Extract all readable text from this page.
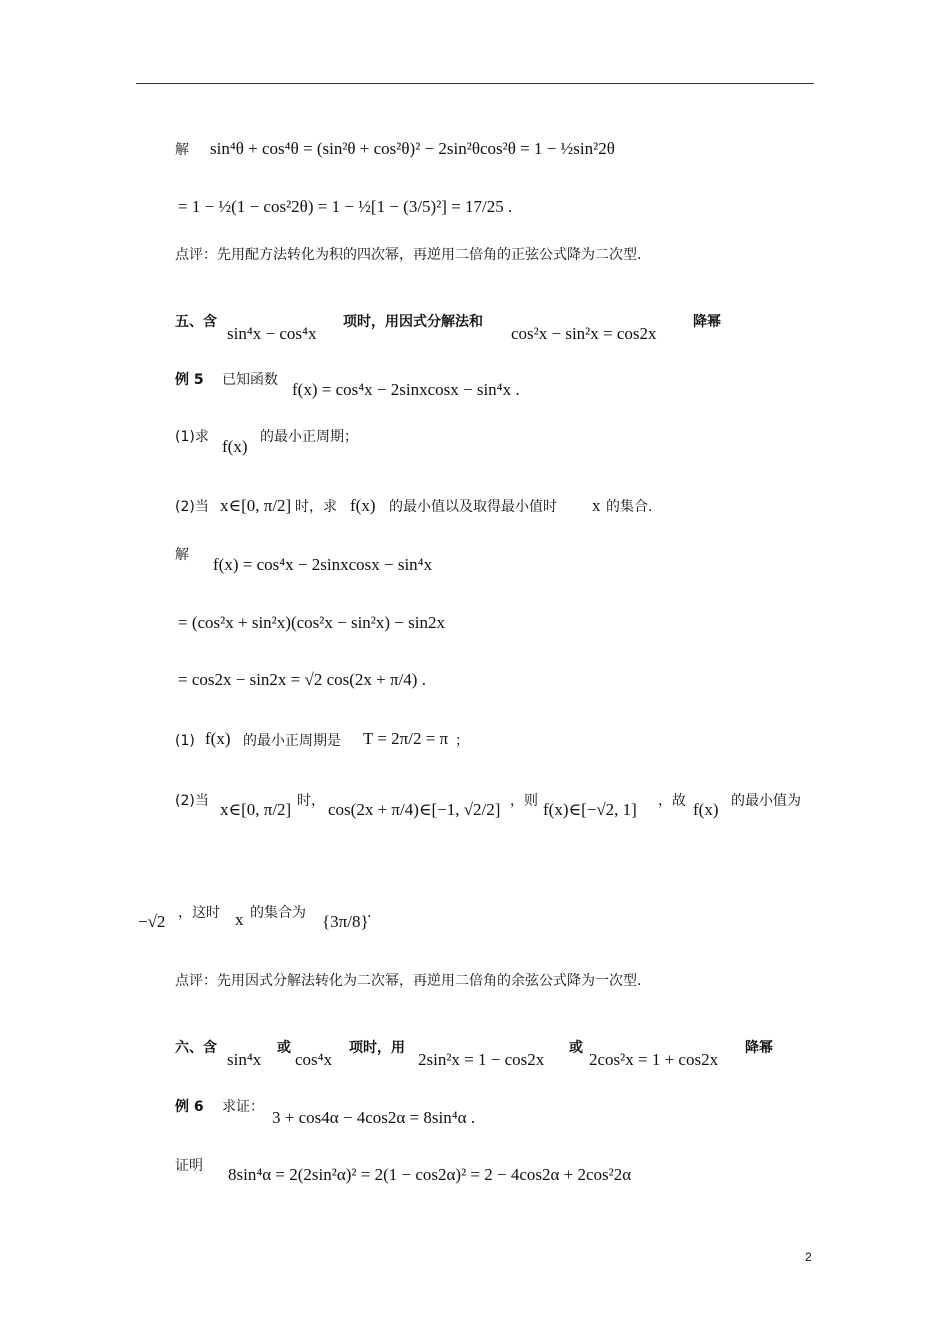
解 sin⁴θ + cos⁴θ = (sin²θ + cos²θ)² − 2sin²θcos²θ = 1 − ½sin²2θ
= 1 − ½(1 − cos²2θ) = 1 − ½[1 − (3/5)²] = 17/25 .
点评：先用配方法转化为积的四次幂，再逆用二倍角的正弦公式降为二次型.
五、含
sin⁴x − cos⁴x
项时，用因式分解法和
cos²x − sin²x = cos2x
降幂
例 5 已知函数 f(x) = cos⁴x − 2sinxcosx − sin⁴x .
(1)求 f(x) 的最小正周期；
(2)当 x∈[0, π/2] 时，求 f(x) 的最小值以及取得最小值时 x 的集合.
解 f(x) = cos⁴x − 2sinxcosx − sin⁴x
= (cos²x + sin²x)(cos²x − sin²x) − sin2x
= cos2x − sin2x = √2 cos(2x + π/4) .
(1) f(x) 的最小正周期是 T = 2π/2 = π ；
(2)当 x∈[0, π/2] 时， cos(2x + π/4)∈[−1, √2/2] ，则 f(x)∈[−√2, 1] ，故 f(x) 的最小值为
−√2 ，这时 x 的集合为 {3π/8}
.
点评：先用因式分解法转化为二次幂，再逆用二倍角的余弦公式降为一次型.
六、含
sin⁴x
或
cos⁴x
项时，用
2sin²x = 1 − cos2x
或
2cos²x = 1 + cos2x
降幂
例 6 求证：
3 + cos4α − 4cos2α = 8sin⁴α .
证明 8sin⁴α = 2(2sin²α)² = 2(1 − cos2α)² = 2 − 4cos2α + 2cos²2α
2
